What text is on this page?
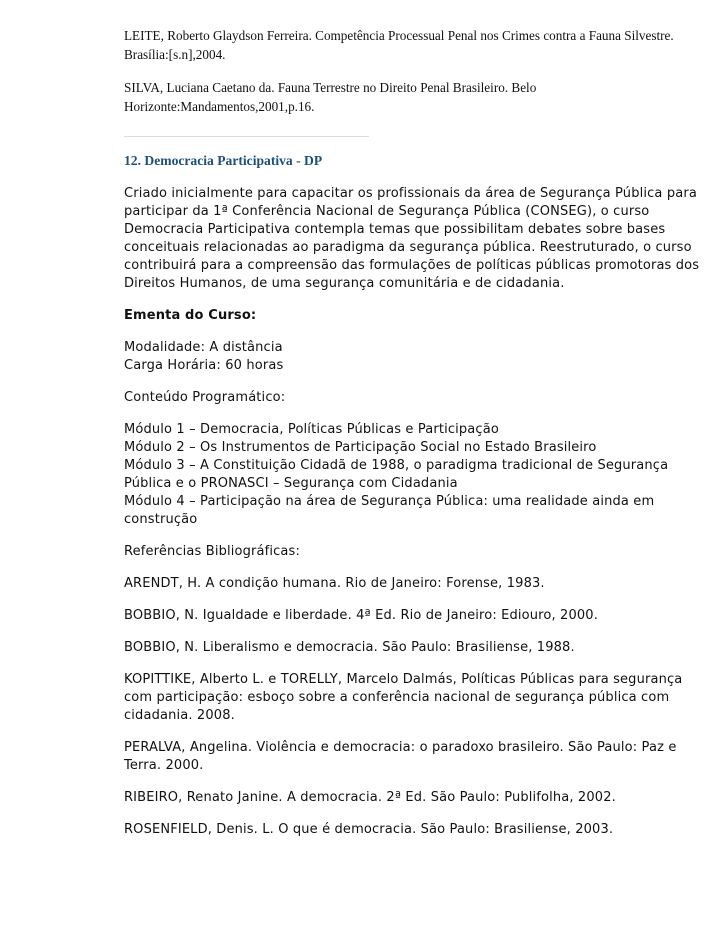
LEITE, Roberto Glaydson Ferreira. Competência Processual Penal nos Crimes contra a Fauna Silvestre. Brasília:[s.n],2004.

SILVA, Luciana Caetano da. Fauna Terrestre no Direito Penal Brasileiro. Belo Horizonte:Mandamentos,2001,p.16.

12. Democracia Participativa - DP

Criado inicialmente para capacitar os profissionais da área de Segurança Pública para participar da 1ª Conferência Nacional de Segurança Pública (CONSEG), o curso Democracia Participativa contempla temas que possibilitam debates sobre bases conceituais relacionadas ao paradigma da segurança pública. Reestruturado, o curso contribuirá para a compreensão das formulações de políticas públicas promotoras dos Direitos Humanos, de uma segurança comunitária e de cidadania.

Ementa do Curso:

Modalidade: A distância

Carga Horária: 60 horas

Conteúdo Programático:

Módulo 1 – Democracia, Políticas Públicas e Participação

Módulo 2 – Os Instrumentos de Participação Social no Estado Brasileiro

Módulo 3 – A Constituição Cidadã de 1988, o paradigma tradicional de Segurança Pública e o PRONASCI – Segurança com Cidadania

Módulo 4 – Participação na área de Segurança Pública: uma realidade ainda em construção

Referências Bibliográficas:

ARENDT, H. A condição humana. Rio de Janeiro: Forense, 1983.

BOBBIO, N. Igualdade e liberdade. 4ª Ed. Rio de Janeiro: Ediouro, 2000.

BOBBIO, N. Liberalismo e democracia. São Paulo: Brasiliense, 1988.

KOPITTIKE, Alberto L. e TORELLY, Marcelo Dalmás, Políticas Públicas para segurança com participação: esboço sobre a conferência nacional de segurança pública com cidadania. 2008.

PERALVA, Angelina. Violência e democracia: o paradoxo brasileiro. São Paulo: Paz e Terra. 2000.

RIBEIRO, Renato Janine. A democracia. 2ª Ed. São Paulo: Publifolha, 2002.

ROSENFIELD, Denis. L. O que é democracia. São Paulo: Brasiliense, 2003.
